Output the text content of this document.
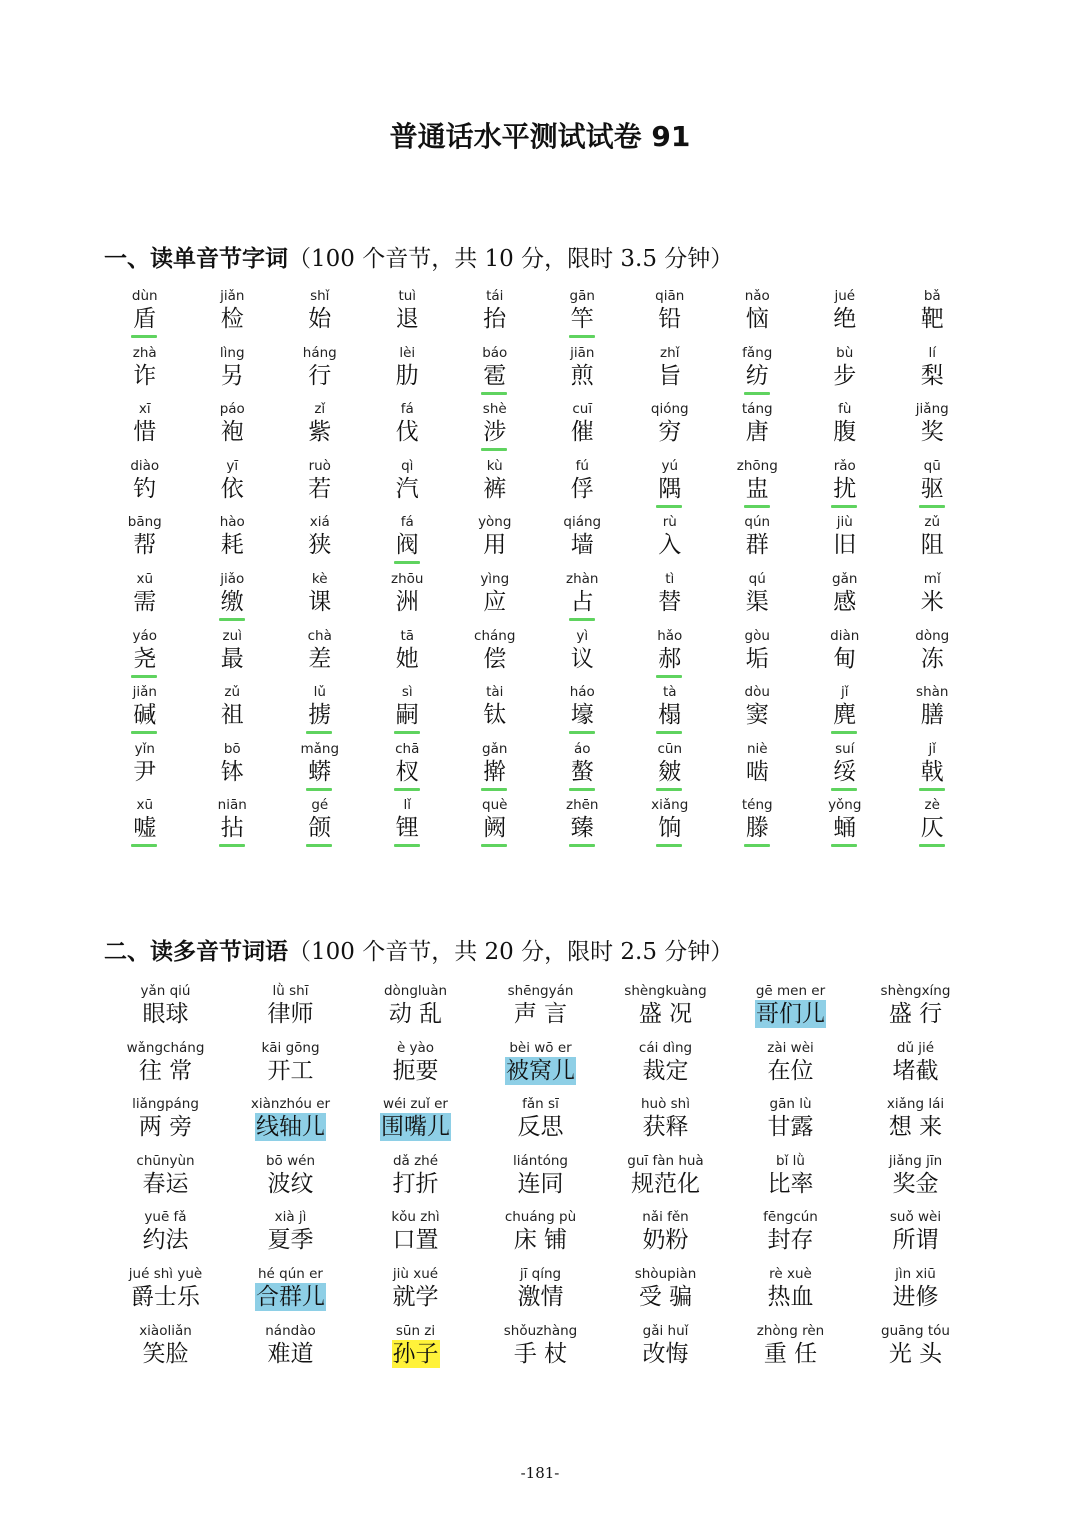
普通话水平测试试卷 91
一、读单音节字词（100 个音节，共 10 分，限时 3.5 分钟）
dùn
盾
jiǎn
检
shǐ
始
tuì
退
tái
抬
gān
竿
qiān
铅
nǎo
恼
jué
绝
bǎ
靶
zhà
诈
lìng
另
háng
行
lèi
肋
báo
雹
jiān
煎
zhǐ
旨
fǎng
纺
bù
步
lí
梨
xī
惜
páo
袍
zǐ
紫
fá
伐
shè
涉
cuī
催
qióng
穷
táng
唐
fù
腹
jiǎng
奖
diào
钓
yī
依
ruò
若
qì
汽
kù
裤
fú
俘
yú
隅
zhōng
盅
rǎo
扰
qū
驱
bāng
帮
hào
耗
xiá
狭
fá
阀
yòng
用
qiáng
墙
rù
入
qún
群
jiù
旧
zǔ
阻
xū
需
jiǎo
缴
kè
课
zhōu
洲
yìng
应
zhàn
占
tì
替
qú
渠
gǎn
感
mǐ
米
yáo
尧
zuì
最
chà
差
tā
她
cháng
偿
yì
议
hǎo
郝
gòu
垢
diàn
甸
dòng
冻
jiǎn
碱
zǔ
祖
lǔ
掳
sì
嗣
tài
钛
háo
壕
tà
榻
dòu
窦
jǐ
麂
shàn
膳
yǐn
尹
bō
钵
mǎng
蟒
chā
杈
gǎn
擀
áo
螯
cūn
皴
niè
啮
suí
绥
jǐ
戟
xū
嘘
niān
拈
gé
颌
lǐ
锂
què
阙
zhēn
臻
xiǎng
饷
téng
滕
yǒng
蛹
zè
仄
二、读多音节词语（100 个音节，共 20 分，限时 2.5 分钟）
yǎn qiú
眼球
lǜ shī
律师
dòngluàn
动 乱
shēngyán
声 言
shèngkuàng
盛 况
gē men er
哥们儿
shèngxíng
盛 行
wǎngcháng
往 常
kāi gōng
开工
è yào
扼要
bèi wō er
被窝儿
cái dìng
裁定
zài wèi
在位
dǔ jié
堵截
liǎngpáng
两 旁
xiànzhóu er
线轴儿
wéi zuǐ er
围嘴儿
fǎn sī
反思
huò shì
获释
gān lù
甘露
xiǎng lái
想 来
chūnyùn
春运
bō wén
波纹
dǎ zhé
打折
liántóng
连同
guī fàn huà
规范化
bǐ lǜ
比率
jiǎng jīn
奖金
yuē fǎ
约法
xià jì
夏季
kǒu zhì
口置
chuáng pù
床 铺
nǎi fěn
奶粉
fēngcún
封存
suǒ wèi
所谓
jué shì yuè
爵士乐
hé qún er
合群儿
jiù xué
就学
jī qíng
激情
shòupiàn
受 骗
rè xuè
热血
jìn xiū
进修
xiàoliǎn
笑脸
nándào
难道
sūn zi
孙子
shǒuzhàng
手 杖
gǎi huǐ
改悔
zhòng rèn
重 任
guāng tóu
光 头
-181-
